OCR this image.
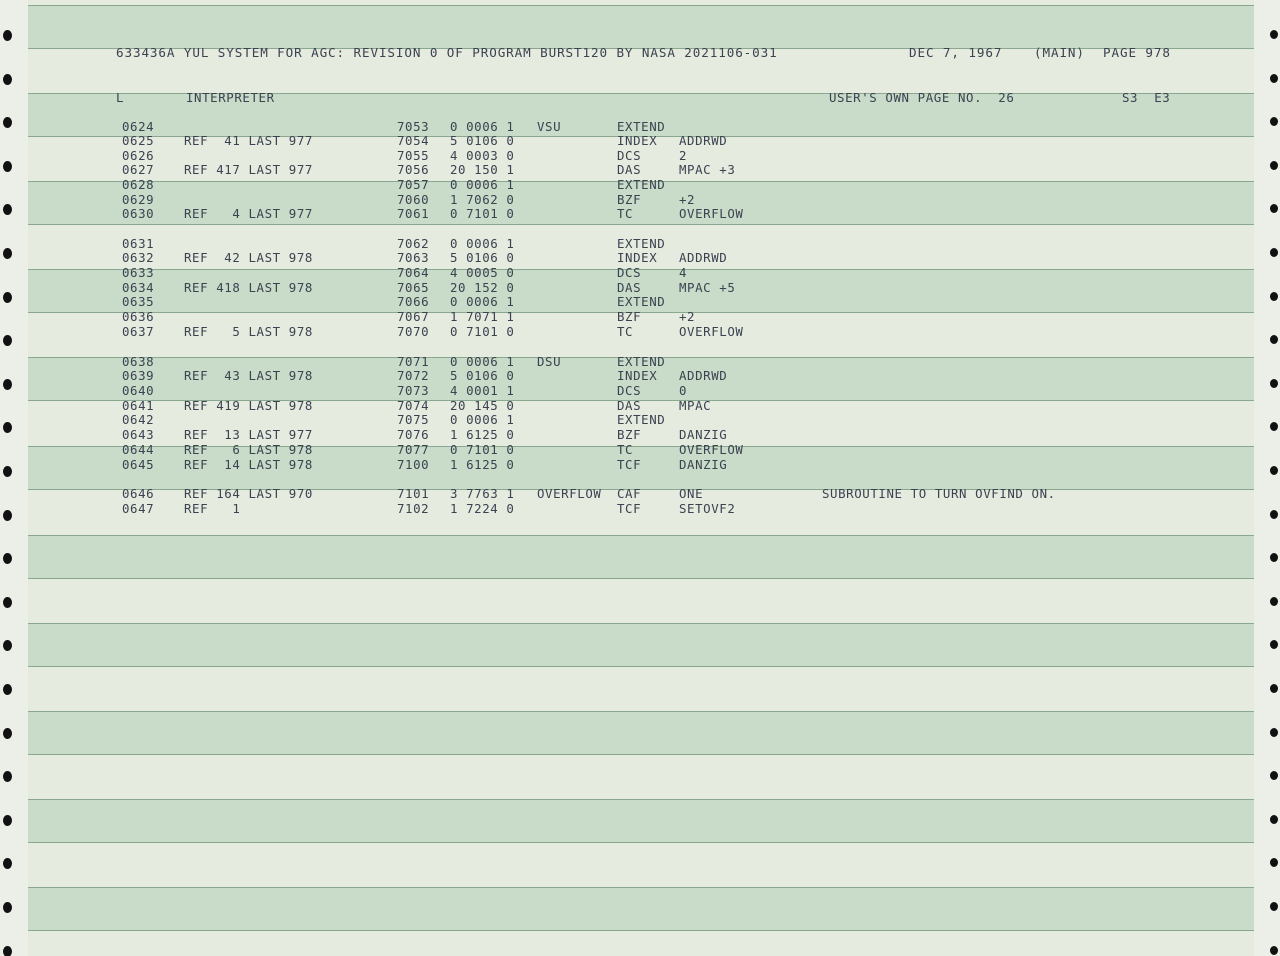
633436A YUL SYSTEM FOR AGC: REVISION 0 OF PROGRAM BURST120 BY NASA 2021106-031	DEC 7, 1967	(MAIN) PAGE 978
L	INTERPRETER	USER'S OWN PAGE NO.  26	S3  E3
0624	7053 0 0006 1 VSU	EXTEND
0625 REF  41 LAST 977	7054 5 0106 0	INDEX ADDRWD
0626	7055 4 0003 0	DCS	2
0627 REF 417 LAST 977	7056 20 150 1	DAS	MPAC +3
0628	7057 0 0006 1	EXTEND
0629	7060 1 7062 0	BZF	+2
0630 REF   4 LAST 977	7061 0 7101 0	TC	OVERFLOW
0631	7062 0 0006 1	EXTEND
0632 REF  42 LAST 978	7063 5 0106 0	INDEX ADDRWD
0633	7064 4 0005 0	DCS	4
0634 REF 418 LAST 978	7065 20 152 0	DAS	MPAC +5
0635	7066 0 0006 1	EXTEND
0636	7067 1 7071 1	BZF	+2
0637 REF   5 LAST 978	7070 0 7101 0	TC	OVERFLOW
0638	7071 0 0006 1 DSU	EXTEND
0639 REF  43 LAST 978	7072 5 0106 0	INDEX ADDRWD
0640	7073 4 0001 1	DCS	0
0641 REF 419 LAST 978	7074 20 145 0	DAS	MPAC
0642	7075 0 0006 1	EXTEND
0643 REF  13 LAST 977	7076 1 6125 0	BZF	DANZIG
0644 REF   6 LAST 978	7077 0 7101 0	TC	OVERFLOW
0645 REF  14 LAST 978	7100 1 6125 0	TCF	DANZIG
0646 REF 164 LAST 970	7101 3 7763 1 OVERFLOW CAF	ONE	SUBROUTINE TO TURN OVFIND ON.
0647 REF   1	7102 1 7224 0	TCF	SETOVF2
